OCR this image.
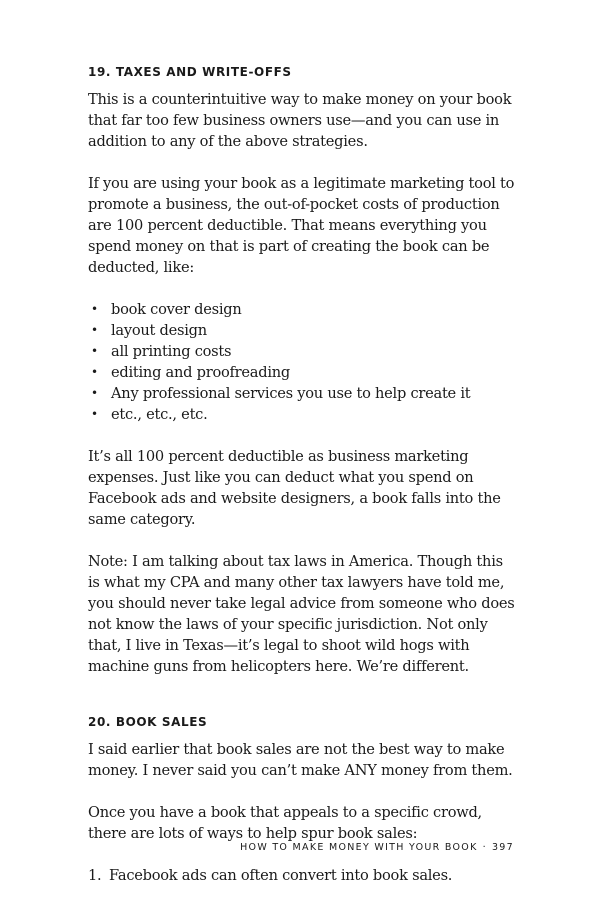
19. TAXES AND WRITE-OFFS

This is a counterintuitive way to make money on your book that far too few business owners use—and you can use in addition to any of the above strategies.

If you are using your book as a legitimate marketing tool to promote a business, the out-of-pocket costs of production are 100 percent deductible. That means everything you spend money on that is part of creating the book can be deducted, like:

• book cover design
• layout design
• all printing costs
• editing and proofreading
• Any professional services you use to help create it
• etc., etc., etc.

It’s all 100 percent deductible as business marketing expenses. Just like you can deduct what you spend on Facebook ads and website designers, a book falls into the same category.

Note: I am talking about tax laws in America. Though this is what my CPA and many other tax lawyers have told me, you should never take legal advice from someone who does not know the laws of your specific jurisdiction. Not only that, I live in Texas—it’s legal to shoot wild hogs with machine guns from helicopters here. We’re different.

20. BOOK SALES

I said earlier that book sales are not the best way to make money. I never said you can’t make ANY money from them.

Once you have a book that appeals to a specific crowd, there are lots of ways to help spur book sales:

1. Facebook ads can often convert into book sales.
HOW TO MAKE MONEY WITH YOUR BOOK · 397
